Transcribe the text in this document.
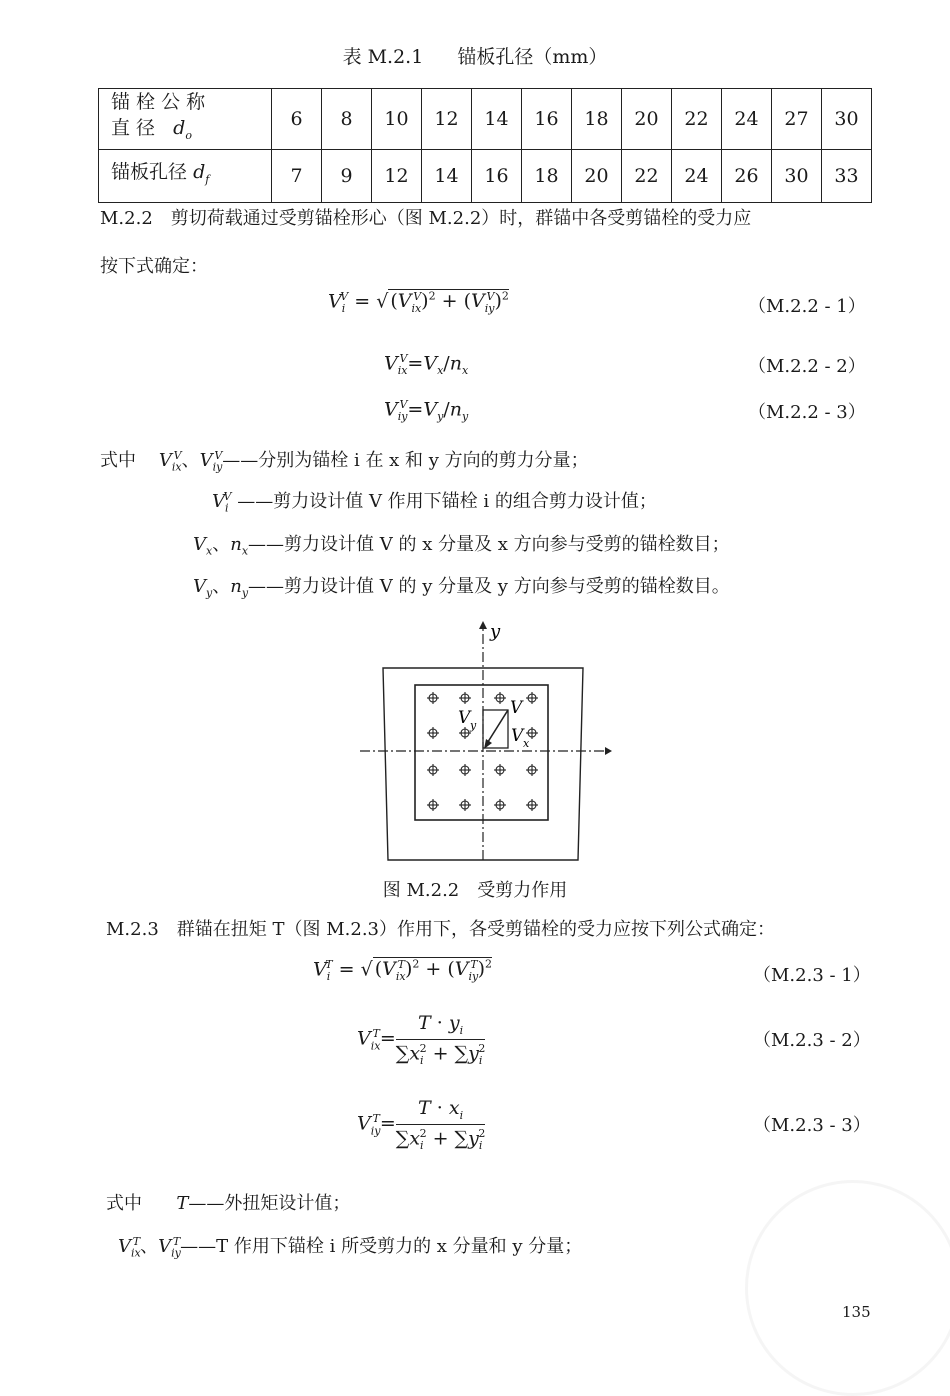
表 M.2.1 锚板孔径（mm）
锚 栓 公 称
直 径 $d_o$	6	8	10	12	14	16	18	20	22	24	27	30
锚板孔径 $d_f$	7	9	12	14	16	18	20	22	24	26	30	33
M.2.2　剪切荷载通过受剪锚栓形心（图 M.2.2）时，群锚中各受剪锚栓的受力应
按下式确定：
$V_i^V$ = √ $(V_{ix}^V)^2 + (V_{iy}^V)^2$	（M.2.2 - 1）
$V_{ix}^V=V_x/n_x$	（M.2.2 - 2）
$V_{iy}^V=V_y/n_y$	（M.2.2 - 3）
式中 $V_{ix}^V$、$V_{iy}^V——$分别为锚栓 i 在 x 和 y 方向的剪力分量；
$V_i^V$ ——剪力设计值 V 作用下锚栓 i 的组合剪力设计值；
$V_x$、$n_x——$剪力设计值 V 的 x 分量及 x 方向参与受剪的锚栓数目；
$V_y$、$n_y——$剪力设计值 V 的 y 分量及 y 方向参与受剪的锚栓数目。
y
V
V y
V x
图 M.2.2　受剪力作用
M.2.3　群锚在扭矩 T（图 M.2.3）作用下，各受剪锚栓的受力应按下列公式确定：
$V_i^T$ = √ $(V_{ix}^T)^2 + (V_{iy}^T)^2$
（M.2.3 - 1）
$V_{ix}^T= \frac{T \cdot y_i}{\sum x_i^2 + \sum y_i^2}$	（M.2.3 - 2）
$V_{iy}^T= \frac{T \cdot x_i}{\sum x_i^2 + \sum y_i^2}$	（M.2.3 - 3）
式中 T——外扭矩设计值；
$V_{ix}^T$、$V_{iy}^T——T$ 作用下锚栓 i 所受剪力的 x 分量和 y 分量；
135
